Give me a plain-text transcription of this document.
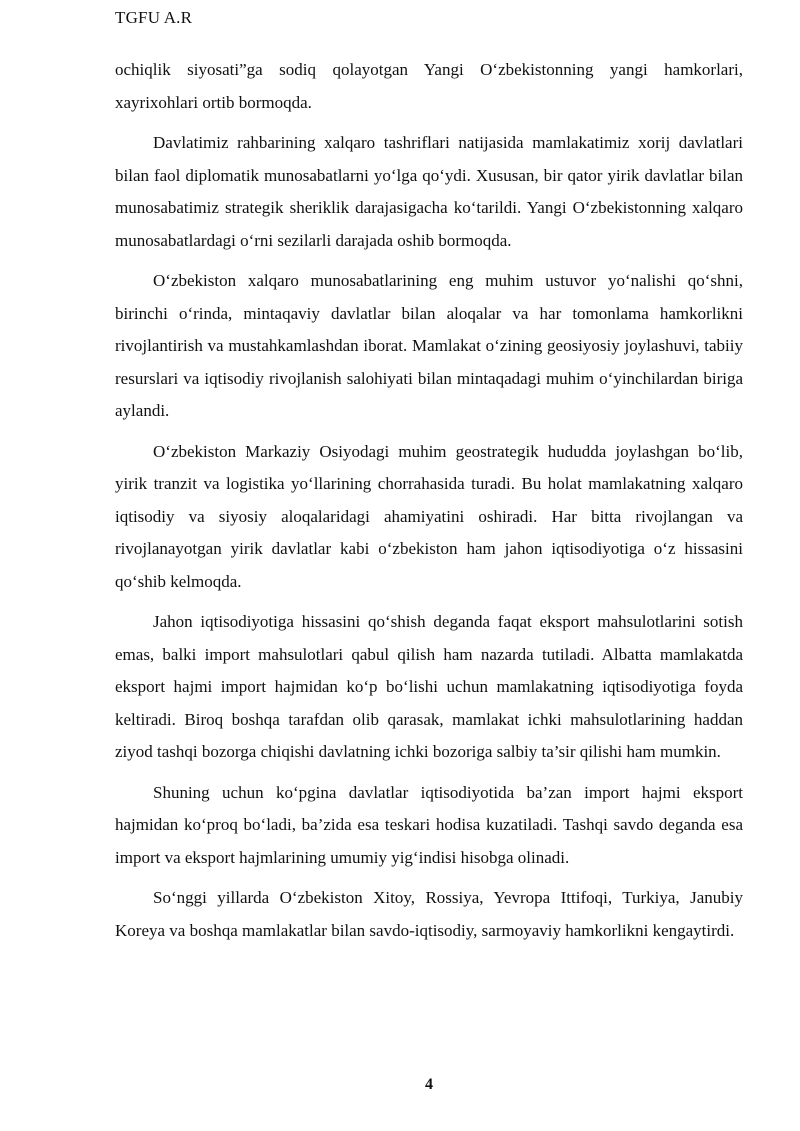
TGFU A.R

ochiqlik siyosati”ga sodiq qolayotgan Yangi O‘zbekistonning yangi hamkorlari, xayrixohlari ortib bormoqda.

Davlatimiz rahbarining xalqaro tashriflari natijasida mamlakatimiz xorij davlatlari bilan faol diplomatik munosabatlarni yo‘lga qo‘ydi. Xususan, bir qator yirik davlatlar bilan munosabatimiz strategik sheriklik darajasigacha ko‘tarildi. Yangi O‘zbekistonning xalqaro munosabatlardagi o‘rni sezilarli darajada oshib bormoqda.

O‘zbekiston xalqaro munosabatlarining eng muhim ustuvor yo‘nalishi qo‘shni, birinchi o‘rinda, mintaqaviy davlatlar bilan aloqalar va har tomonlama hamkorlikni rivojlantirish va mustahkamlashdan iborat. Mamlakat o‘zining geosiyosiy joylashuvi, tabiiy resurslari va iqtisodiy rivojlanish salohiyati bilan mintaqadagi muhim o‘yinchilardan biriga aylandi.

O‘zbekiston Markaziy Osiyodagi muhim geostrategik hududda joylashgan bo‘lib, yirik tranzit va logistika yo‘llarining chorrahasida turadi. Bu holat mamlakatning xalqaro iqtisodiy va siyosiy aloqalaridagi ahamiyatini oshiradi. Har bitta rivojlangan va rivojlanayotgan yirik davlatlar kabi o‘zbekiston ham jahon iqtisodiyotiga o‘z hissasini qo‘shib kelmoqda.

Jahon iqtisodiyotiga hissasini qo‘shish deganda faqat eksport mahsulotlarini sotish emas, balki import mahsulotlari qabul qilish ham nazarda tutiladi. Albatta mamlakatda eksport hajmi import hajmidan ko‘p bo‘lishi uchun mamlakatning iqtisodiyotiga foyda keltiradi. Biroq boshqa tarafdan olib qarasak, mamlakat ichki mahsulotlarining haddan ziyod tashqi bozorga chiqishi davlatning ichki bozoriga salbiy ta’sir qilishi ham mumkin.

Shuning uchun ko‘pgina davlatlar iqtisodiyotida ba’zan import hajmi eksport hajmidan ko‘proq bo‘ladi, ba’zida esa teskari hodisa kuzatiladi. Tashqi savdo deganda esa import va eksport hajmlarining umumiy yig‘indisi hisobga olinadi.

So‘nggi yillarda O‘zbekiston Xitoy, Rossiya, Yevropa Ittifoqi, Turkiya, Janubiy Koreya va boshqa mamlakatlar bilan savdo-iqtisodiy, sarmoyaviy hamkorlikni kengaytirdi.

4
